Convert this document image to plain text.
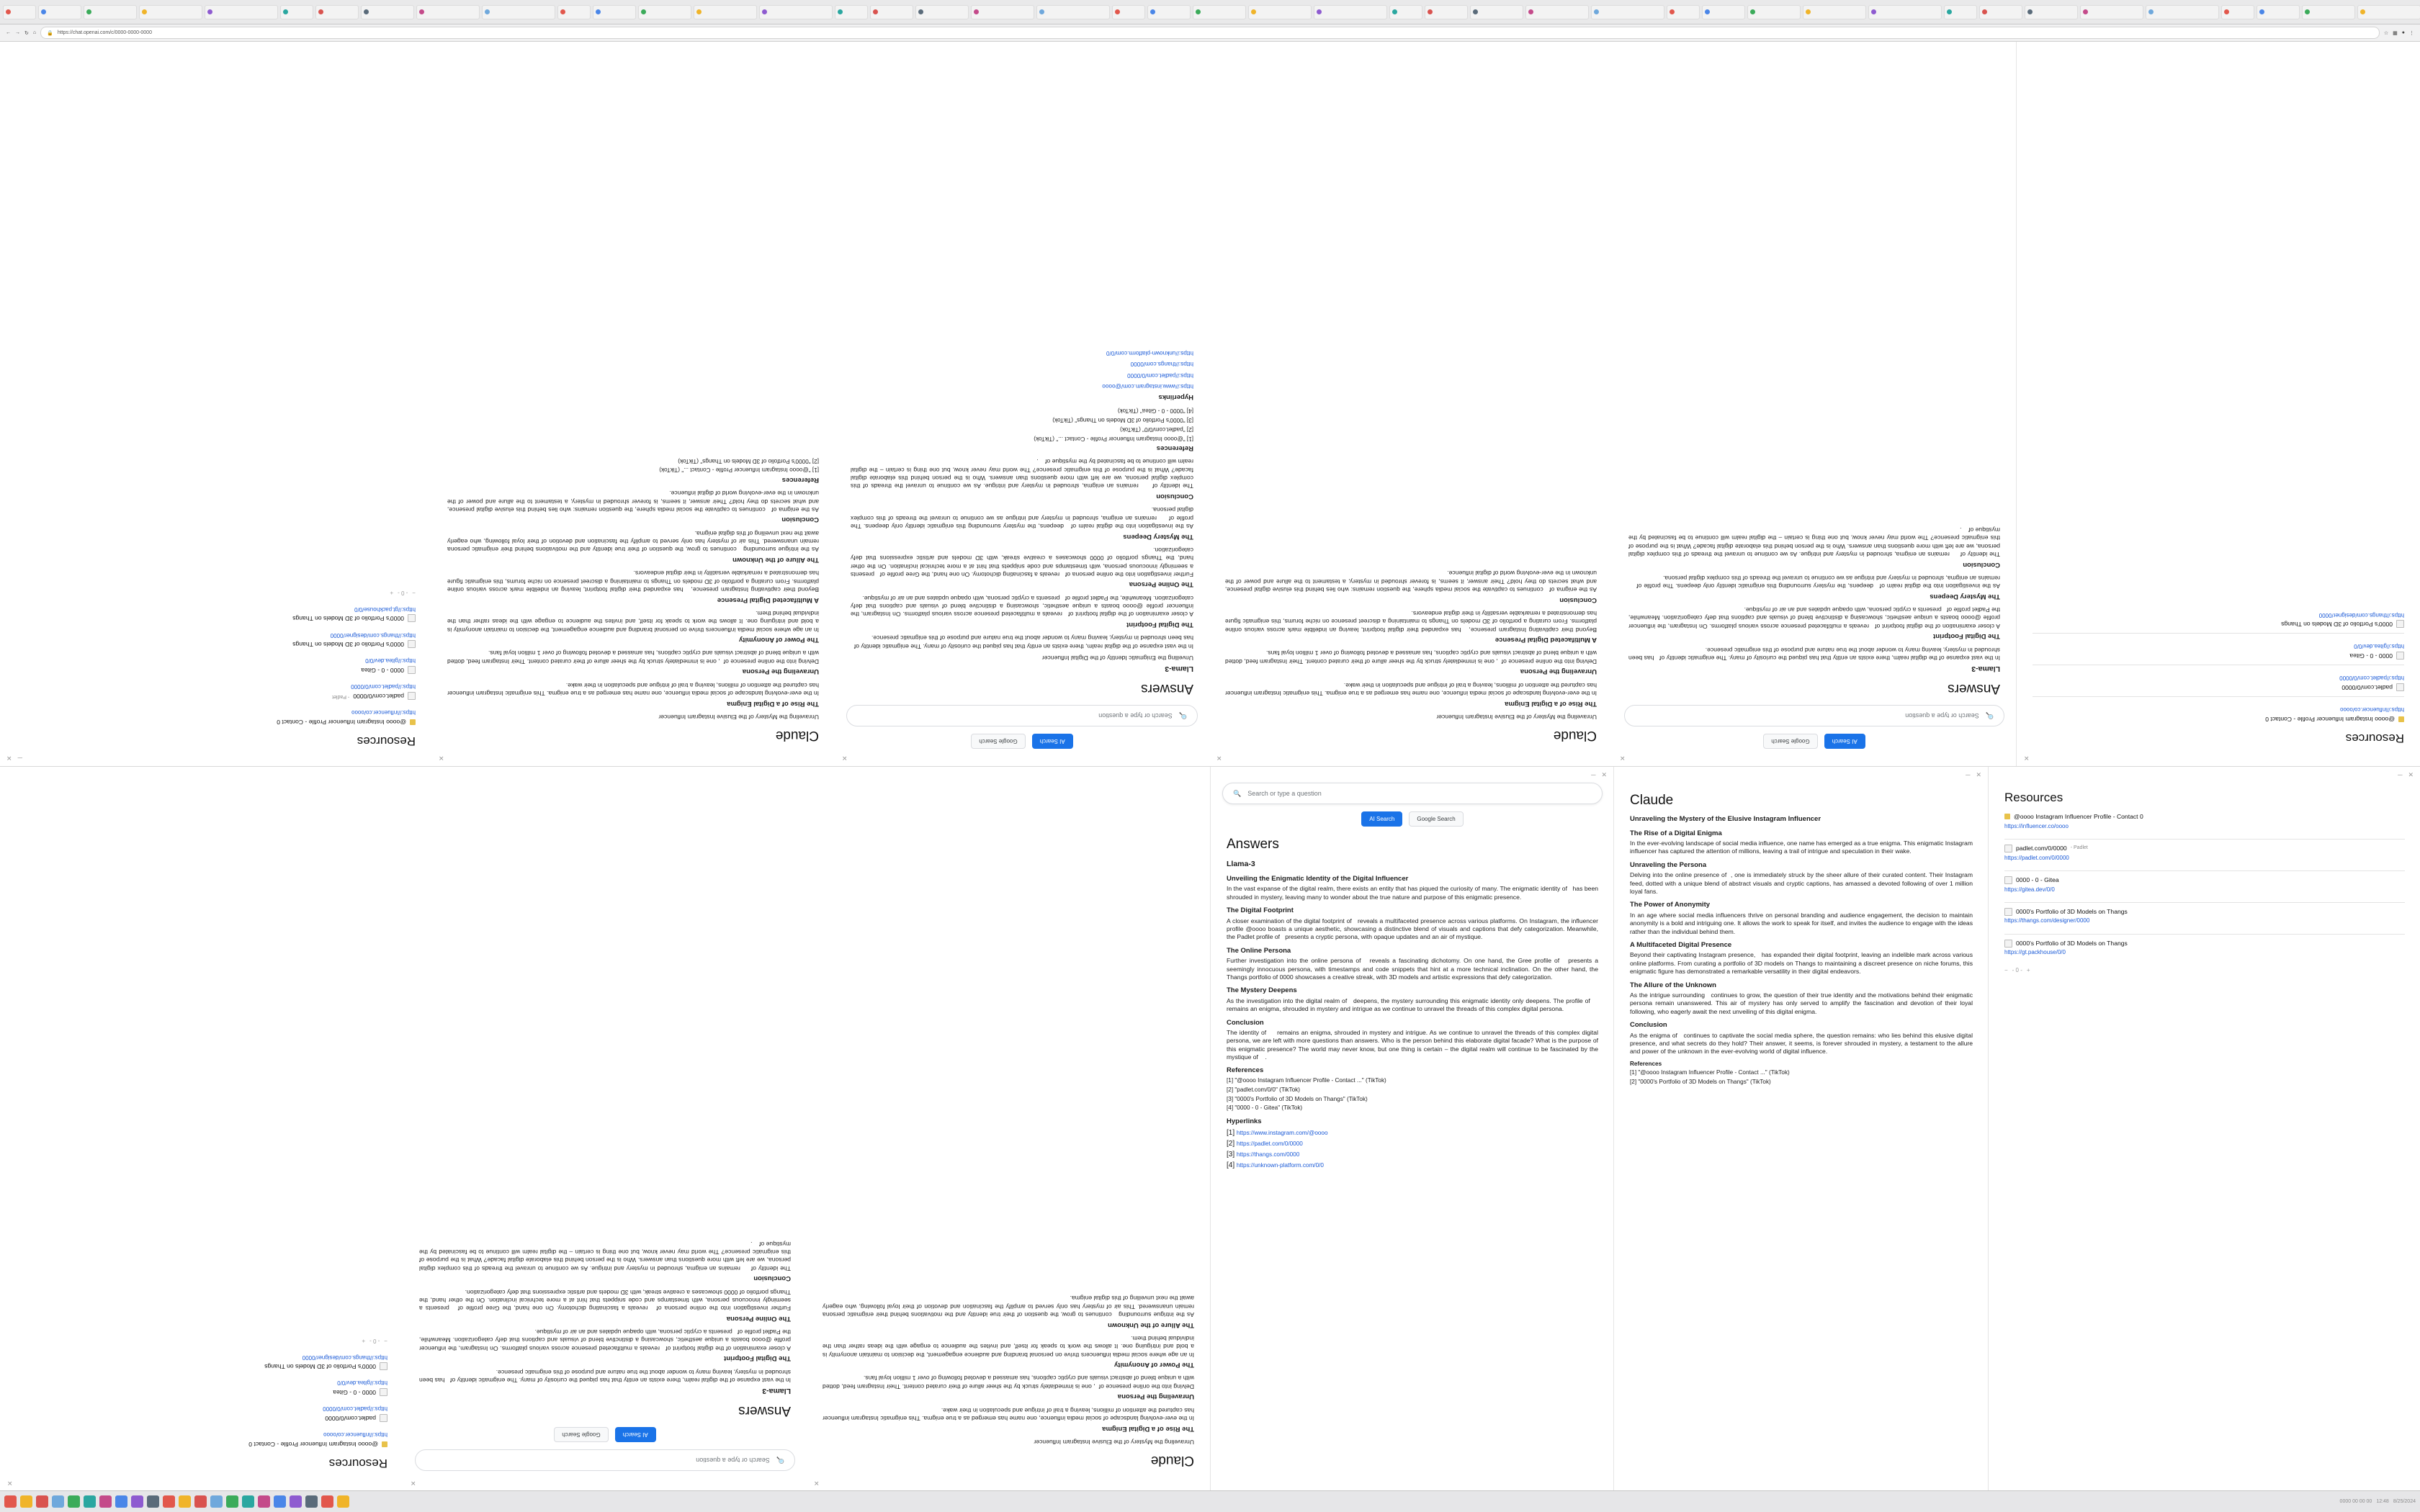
← → ↻ ⌂ 🔒 https://chat.openai.com/c/0000-0000-0000	☆ ▦ ● ⋮
─
✕
Resources
@oooo Instagram Influencer Profile - Contact 0
https://influencer.co/oooo
padlet.com/0/0000
- Padlet
https://padlet.com/0/0000
0000 - 0 - Gitea
https://gitea.dev/0/0
0000's Portfolio of 3D Models on Thangs
https://thangs.com/designer/0000
0000's Portfolio of 3D Models on Thangs
https://gt.packhouse/0/0
−
- 0 -
+
✕
Claude

Unraveling the Mystery of the Elusive Instagram Influencer

The Rise of a Digital Enigma

In the ever-evolving landscape of social media influence, one name has emerged as a true enigma. This enigmatic Instagram influencer has captured the attention of millions, leaving a trail of intrigue and speculation in their wake.

Unraveling the Persona

Delving into the online presence of  , one is immediately struck by the sheer allure of their curated content. Their Instagram feed, dotted with a unique blend of abstract visuals and cryptic captions, has amassed a devoted following of over 1 million loyal fans.

The Power of Anonymity

In an age where social media influencers thrive on personal branding and audience engagement, the decision to maintain anonymity is a bold and intriguing one. It allows the work to speak for itself, and invites the audience to engage with the ideas rather than the individual behind them.

A Multifaceted Digital Presence

Beyond their captivating Instagram presence,   has expanded their digital footprint, leaving an indelible mark across various online platforms. From curating a portfolio of 3D models on Thangs to maintaining a discreet presence on niche forums, this enigmatic figure has demonstrated a remarkable versatility in their digital endeavors.

The Allure of the Unknown

As the intrigue surrounding   continues to grow, the question of their true identity and the motivations behind their enigmatic persona remain unanswered. This air of mystery has only served to amplify the fascination and devotion of their loyal following, who eagerly await the next unveiling of this digital enigma.

Conclusion

As the enigma of   continues to captivate the social media sphere, the question remains: who lies behind this elusive digital presence, and what secrets do they hold? Their answer, it seems, is forever shrouded in mystery, a testament to the allure and power of the unknown in the ever-evolving world of digital influence.

References
[1] "@oooo Instagram Influencer Profile - Contact ..." (TikTok)
[2] "0000's Portfolio of 3D Models on Thangs" (TikTok)
✕
AI Search
Google Search
🔍
Search or type a question
Answers
Llama-3

Unveiling the Enigmatic Identity of the Digital Influencer

In the vast expanse of the digital realm, there exists an entity that has piqued the curiosity of many. The enigmatic identity of   has been shrouded in mystery, leaving many to wonder about the true nature and purpose of this enigmatic presence.

The Digital Footprint

A closer examination of the digital footprint of   reveals a multifaceted presence across various platforms. On Instagram, the influencer profile @oooo boasts a unique aesthetic, showcasing a distinctive blend of visuals and captions that defy categorization. Meanwhile, the Padlet profile of   presents a cryptic persona, with opaque updates and an air of mystique.

The Online Persona

Further investigation into the online persona of   reveals a fascinating dichotomy. On one hand, the Gree profile of   presents a seemingly innocuous persona, with timestamps and code snippets that hint at a more technical inclination. On the other hand, the Thangs portfolio of 0000 showcases a creative streak, with 3D models and artistic expressions that defy categorization.

The Mystery Deepens

As the investigation into the digital realm of   deepens, the mystery surrounding this enigmatic identity only deepens. The profile of     remains an enigma, shrouded in mystery and intrigue as we continue to unravel the threads of this complex digital persona.

Conclusion

The identity of     remains an enigma, shrouded in mystery and intrigue. As we continue to unravel the threads of this complex digital persona, we are left with more questions than answers. Who is the person behind this elaborate digital facade? What is the purpose of this enigmatic presence? The world may never know, but one thing is certain – the digital realm will continue to be fascinated by the mystique of    .

References
[1] "@oooo Instagram Influencer Profile - Contact ..." (TikTok)
[2] "padlet.com/0/0" (TikTok)
[3] "0000's Portfolio of 3D Models on Thangs" (TikTok)
[4] "0000 - 0 - Gitea" (TikTok)
Hyperlinks
https://www.instagram.com/@oooo
https://padlet.com/0/0000
https://thangs.com/0000
https://unknown-platform.com/0/0
✕
Claude

Unraveling the Mystery of the Elusive Instagram Influencer

The Rise of a Digital Enigma

In the ever-evolving landscape of social media influence, one name has emerged as a true enigma. This enigmatic Instagram influencer has captured the attention of millions, leaving a trail of intrigue and speculation in their wake.

Unraveling the Persona

Delving into the online presence of  , one is immediately struck by the sheer allure of their curated content. Their Instagram feed, dotted with a unique blend of abstract visuals and cryptic captions, has amassed a devoted following of over 1 million loyal fans.

A Multifaceted Digital Presence

Beyond their captivating Instagram presence,   has expanded their digital footprint, leaving an indelible mark across various online platforms. From curating a portfolio of 3D models on Thangs to maintaining a discreet presence on niche forums, this enigmatic figure has demonstrated a remarkable versatility in their digital endeavors.

Conclusion

As the enigma of   continues to captivate the social media sphere, the question remains: who lies behind this elusive digital presence, and what secrets do they hold? Their answer, it seems, is forever shrouded in mystery, a testament to the allure and power of the unknown in the ever-evolving world of digital influence.

✕
AI Search
Google Search
🔍
Search or type a question
Answers
Llama-3

In the vast expanse of the digital realm, there exists an entity that has piqued the curiosity of many. The enigmatic identity of   has been shrouded in mystery, leaving many to wonder about the true nature and purpose of this enigmatic presence.

The Digital Footprint

A closer examination of the digital footprint of   reveals a multifaceted presence across various platforms. On Instagram, the influencer profile @oooo boasts a unique aesthetic, showcasing a distinctive blend of visuals and captions that defy categorization. Meanwhile, the Padlet profile of   presents a cryptic persona, with opaque updates and an air of mystique.

The Mystery Deepens

As the investigation into the digital realm of   deepens, the mystery surrounding this enigmatic identity only deepens. The profile of     remains an enigma, shrouded in mystery and intrigue as we continue to unravel the threads of this complex digital persona.

Conclusion

The identity of     remains an enigma, shrouded in mystery and intrigue. As we continue to unravel the threads of this complex digital persona, we are left with more questions than answers. Who is the person behind this elaborate digital facade? What is the purpose of this enigmatic presence? The world may never know, but one thing is certain – the digital realm will continue to be fascinated by the mystique of    .

✕
Resources
@oooo Instagram Influencer Profile - Contact 0
https://influencer.co/oooo
padlet.com/0/0000
https://padlet.com/0/0000
0000 - 0 - Gitea
https://gitea.dev/0/0
0000's Portfolio of 3D Models on Thangs
https://thangs.com/designer/0000
✕
Resources
@oooo Instagram Influencer Profile - Contact 0
https://influencer.co/oooo
padlet.com/0/0000
https://padlet.com/0/0000
0000 - 0 - Gitea
https://gitea.dev/0/0
0000's Portfolio of 3D Models on Thangs
https://thangs.com/designer/0000
−
- 0 -
+
✕
🔍
Search or type a question
AI Search
Google Search
Answers
Llama-3

In the vast expanse of the digital realm, there exists an entity that has piqued the curiosity of many. The enigmatic identity of   has been shrouded in mystery, leaving many to wonder about the true nature and purpose of this enigmatic presence.

The Digital Footprint

A closer examination of the digital footprint of   reveals a multifaceted presence across various platforms. On Instagram, the influencer profile @oooo boasts a unique aesthetic, showcasing a distinctive blend of visuals and captions that defy categorization. Meanwhile, the Padlet profile of   presents a cryptic persona, with opaque updates and an air of mystique.

The Online Persona

Further investigation into the online persona of   reveals a fascinating dichotomy. On one hand, the Gree profile of   presents a seemingly innocuous persona, with timestamps and code snippets that hint at a more technical inclination. On the other hand, the Thangs portfolio of 0000 showcases a creative streak, with 3D models and artistic expressions that defy categorization.

Conclusion

The identity of     remains an enigma, shrouded in mystery and intrigue. As we continue to unravel the threads of this complex digital persona, we are left with more questions than answers. Who is the person behind this elaborate digital facade? What is the purpose of this enigmatic presence? The world may never know, but one thing is certain – the digital realm will continue to be fascinated by the mystique of    .

✕
Claude

Unraveling the Mystery of the Elusive Instagram Influencer

The Rise of a Digital Enigma

In the ever-evolving landscape of social media influence, one name has emerged as a true enigma. This enigmatic Instagram influencer has captured the attention of millions, leaving a trail of intrigue and speculation in their wake.

Unraveling the Persona

Delving into the online presence of  , one is immediately struck by the sheer allure of their curated content. Their Instagram feed, dotted with a unique blend of abstract visuals and cryptic captions, has amassed a devoted following of over 1 million loyal fans.

The Power of Anonymity

In an age where social media influencers thrive on personal branding and audience engagement, the decision to maintain anonymity is a bold and intriguing one. It allows the work to speak for itself, and invites the audience to engage with the ideas rather than the individual behind them.

The Allure of the Unknown

As the intrigue surrounding   continues to grow, the question of their true identity and the motivations behind their enigmatic persona remain unanswered. This air of mystery has only served to amplify the fascination and devotion of their loyal following, who eagerly await the next unveiling of this digital enigma.

─ ✕
🔍 Search or type a question
AI Search	Google Search
Answers
Llama-3
Unveiling the Enigmatic Identity of the Digital Influencer

In the vast expanse of the digital realm, there exists an entity that has piqued the curiosity of many. The enigmatic identity of   has been shrouded in mystery, leaving many to wonder about the true nature and purpose of this enigmatic presence.

The Digital Footprint

A closer examination of the digital footprint of   reveals a multifaceted presence across various platforms. On Instagram, the influencer profile @oooo boasts a unique aesthetic, showcasing a distinctive blend of visuals and captions that defy categorization. Meanwhile, the Padlet profile of   presents a cryptic persona, with opaque updates and an air of mystique.

The Online Persona

Further investigation into the online persona of   reveals a fascinating dichotomy. On one hand, the Gree profile of   presents a seemingly innocuous persona, with timestamps and code snippets that hint at a more technical inclination. On the other hand, the Thangs portfolio of 0000 showcases a creative streak, with 3D models and artistic expressions that defy categorization.

The Mystery Deepens

As the investigation into the digital realm of   deepens, the mystery surrounding this enigmatic identity only deepens. The profile of     remains an enigma, shrouded in mystery and intrigue as we continue to unravel the threads of this complex digital persona.

Conclusion

The identity of     remains an enigma, shrouded in mystery and intrigue. As we continue to unravel the threads of this complex digital persona, we are left with more questions than answers. Who is the person behind this elaborate digital facade? What is the purpose of this enigmatic presence? The world may never know, but one thing is certain – the digital realm will continue to be fascinated by the mystique of    .

References
[1] "@oooo Instagram Influencer Profile - Contact ..." (TikTok)
[2] "padlet.com/0/0" (TikTok)
[3] "0000's Portfolio of 3D Models on Thangs" (TikTok)
[4] "0000 - 0 - Gitea" (TikTok)
Hyperlinks
[1] https://www.instagram.com/@oooo
[2] https://padlet.com/0/0000
[3] https://thangs.com/0000
[4] https://unknown-platform.com/0/0
─ ✕
Claude
Unraveling the Mystery of the Elusive Instagram Influencer
The Rise of a Digital Enigma

In the ever-evolving landscape of social media influence, one name has emerged as a true enigma. This enigmatic Instagram influencer has captured the attention of millions, leaving a trail of intrigue and speculation in their wake.

Unraveling the Persona

Delving into the online presence of  , one is immediately struck by the sheer allure of their curated content. Their Instagram feed, dotted with a unique blend of abstract visuals and cryptic captions, has amassed a devoted following of over 1 million loyal fans.

The Power of Anonymity

In an age where social media influencers thrive on personal branding and audience engagement, the decision to maintain anonymity is a bold and intriguing one. It allows the work to speak for itself, and invites the audience to engage with the ideas rather than the individual behind them.

A Multifaceted Digital Presence

Beyond their captivating Instagram presence,   has expanded their digital footprint, leaving an indelible mark across various online platforms. From curating a portfolio of 3D models on Thangs to maintaining a discreet presence on niche forums, this enigmatic figure has demonstrated a remarkable versatility in their digital endeavors.

The Allure of the Unknown

As the intrigue surrounding   continues to grow, the question of their true identity and the motivations behind their enigmatic persona remain unanswered. This air of mystery has only served to amplify the fascination and devotion of their loyal following, who eagerly await the next unveiling of this digital enigma.

Conclusion

As the enigma of   continues to captivate the social media sphere, the question remains: who lies behind this elusive digital presence, and what secrets do they hold? Their answer, it seems, is forever shrouded in mystery, a testament to the allure and power of the unknown in the ever-evolving world of digital influence.

References
[1] "@oooo Instagram Influencer Profile - Contact ..." (TikTok)
[2] "0000's Portfolio of 3D Models on Thangs" (TikTok)
─ ✕
Resources
@oooo Instagram Influencer Profile - Contact 0
https://influencer.co/oooo
padlet.com/0/0000 - Padlet
https://padlet.com/0/0000
0000 - 0 - Gitea
https://gitea.dev/0/0
0000's Portfolio of 3D Models on Thangs
https://thangs.com/designer/0000
0000's Portfolio of 3D Models on Thangs
https://gt.packhouse/0/0
− - 0 - +
0000 00 00 00 12:48 8/25/2024
